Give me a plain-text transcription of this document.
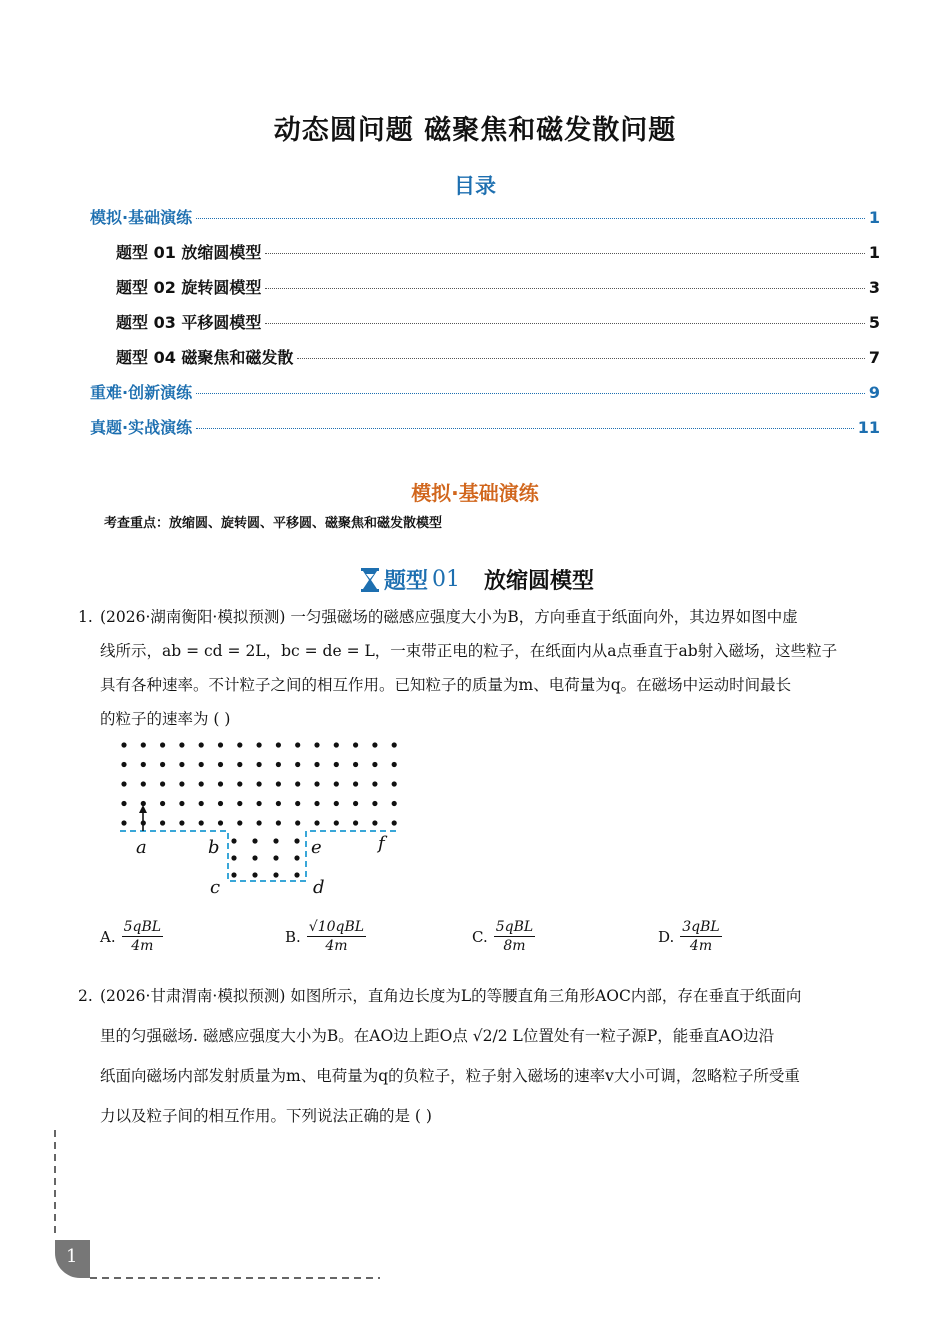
动态圆问题 磁聚焦和磁发散问题
目录
模拟·基础演练	1
题型 01 放缩圆模型	1
题型 02 旋转圆模型	3
题型 03 平移圆模型	5
题型 04 磁聚焦和磁发散	7
重难·创新演练	9
真题·实战演练	11
模拟·基础演练
考查重点：放缩圆、旋转圆、平移圆、磁聚焦和磁发散模型
题型 01 放缩圆模型
1. (2026·湖南衡阳·模拟预测) 一匀强磁场的磁感应强度大小为B，方向垂直于纸面向外，其边界如图中虚
线所示，ab = cd = 2L，bc = de = L，一束带正电的粒子，在纸面内从a点垂直于ab射入磁场，这些粒子
具有各种速率。不计粒子之间的相互作用。已知粒子的质量为m、电荷量为q。在磁场中运动时间最长
的粒子的速率为 ( )
a	b	e	f
c	d
A. $\frac{\text{5qBL}}{4m}$	B. $\frac{\text{√10qBL}}{4m}$	C. $\frac{\text{5qBL}}{8m}$	D. $\frac{\text{3qBL}}{4m}$
2. (2026·甘肃渭南·模拟预测) 如图所示，直角边长度为L的等腰直角三角形AOC内部，存在垂直于纸面向
里的匀强磁场. 磁感应强度大小为B。在AO边上距O点 √2/2 L位置处有一粒子源P，能垂直AO边沿
纸面向磁场内部发射质量为m、电荷量为q的负粒子，粒子射入磁场的速率v大小可调，忽略粒子所受重
力以及粒子间的相互作用。下列说法正确的是 ( )
1
